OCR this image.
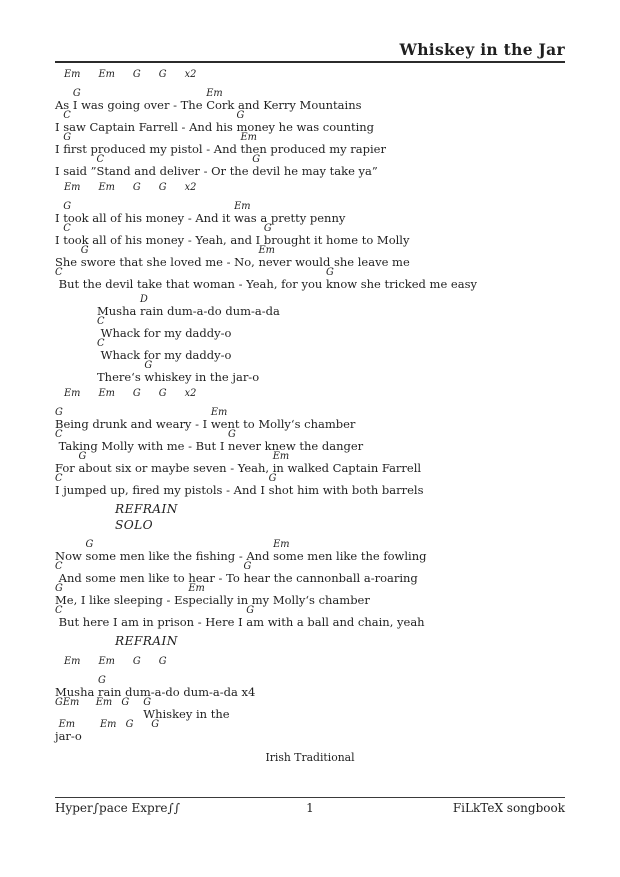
Whiskey in the Jar
Em Em G G x2
As
G
I was going over - The
Em
Cork and Kerry Mountains
I
C
saw Captain Farrell - And his
G
money he was counting
I
G
first produced my pistol - And
Em
then produced my rapier
I said ”
C
Stand and deliver - Or the
G
devil he may take ya”
Em Em G G x2
I
G
took all of his money - And it
Em
was a pretty penny
I
C
took all of his money - Yeah, and I
G
brought it home to Molly
She
G
swore that she loved me - No,
Em
never would she leave me
C
But the devil take that woman - Yeah, for you
G
know she tricked me easy
Musha
D
rain dum-a-do dum-a-da
C
Whack for my daddy-o
C
Whack for my daddy-o
There‘s
G
whiskey in the jar-o
Em Em G G x2
G
Being drunk and weary - I
Em
went to Molly‘s chamber
C
Taking Molly with me - But I
G
never knew the danger
For
G
about six or maybe seven - Yeah,
Em
in walked Captain Farrell
C
I jumped up, fired my pistols - And I
G
shot him with both barrels
REFRAIN
SOLO
Now
G
some men like the fishing - And
Em
some men like the fowling
C
And some men like to hear - To
G
hear the cannonball a-roaring
G
Me, I like sleeping - Es
Em
pecially in my Molly‘s chamber
C
But here I am in prison - Here I
G
am with a ball and chain, yeah
REFRAIN
Em Em G G
Musha
G
rain dum-a-do dum-a-da x4
G Em
	Em
G
	G
Whiskey in the
j
Em
ar-o
Em
G
	G
Irish Traditional
Hyper∫pace Expre∫∫	1	FiLkTeX songbook
